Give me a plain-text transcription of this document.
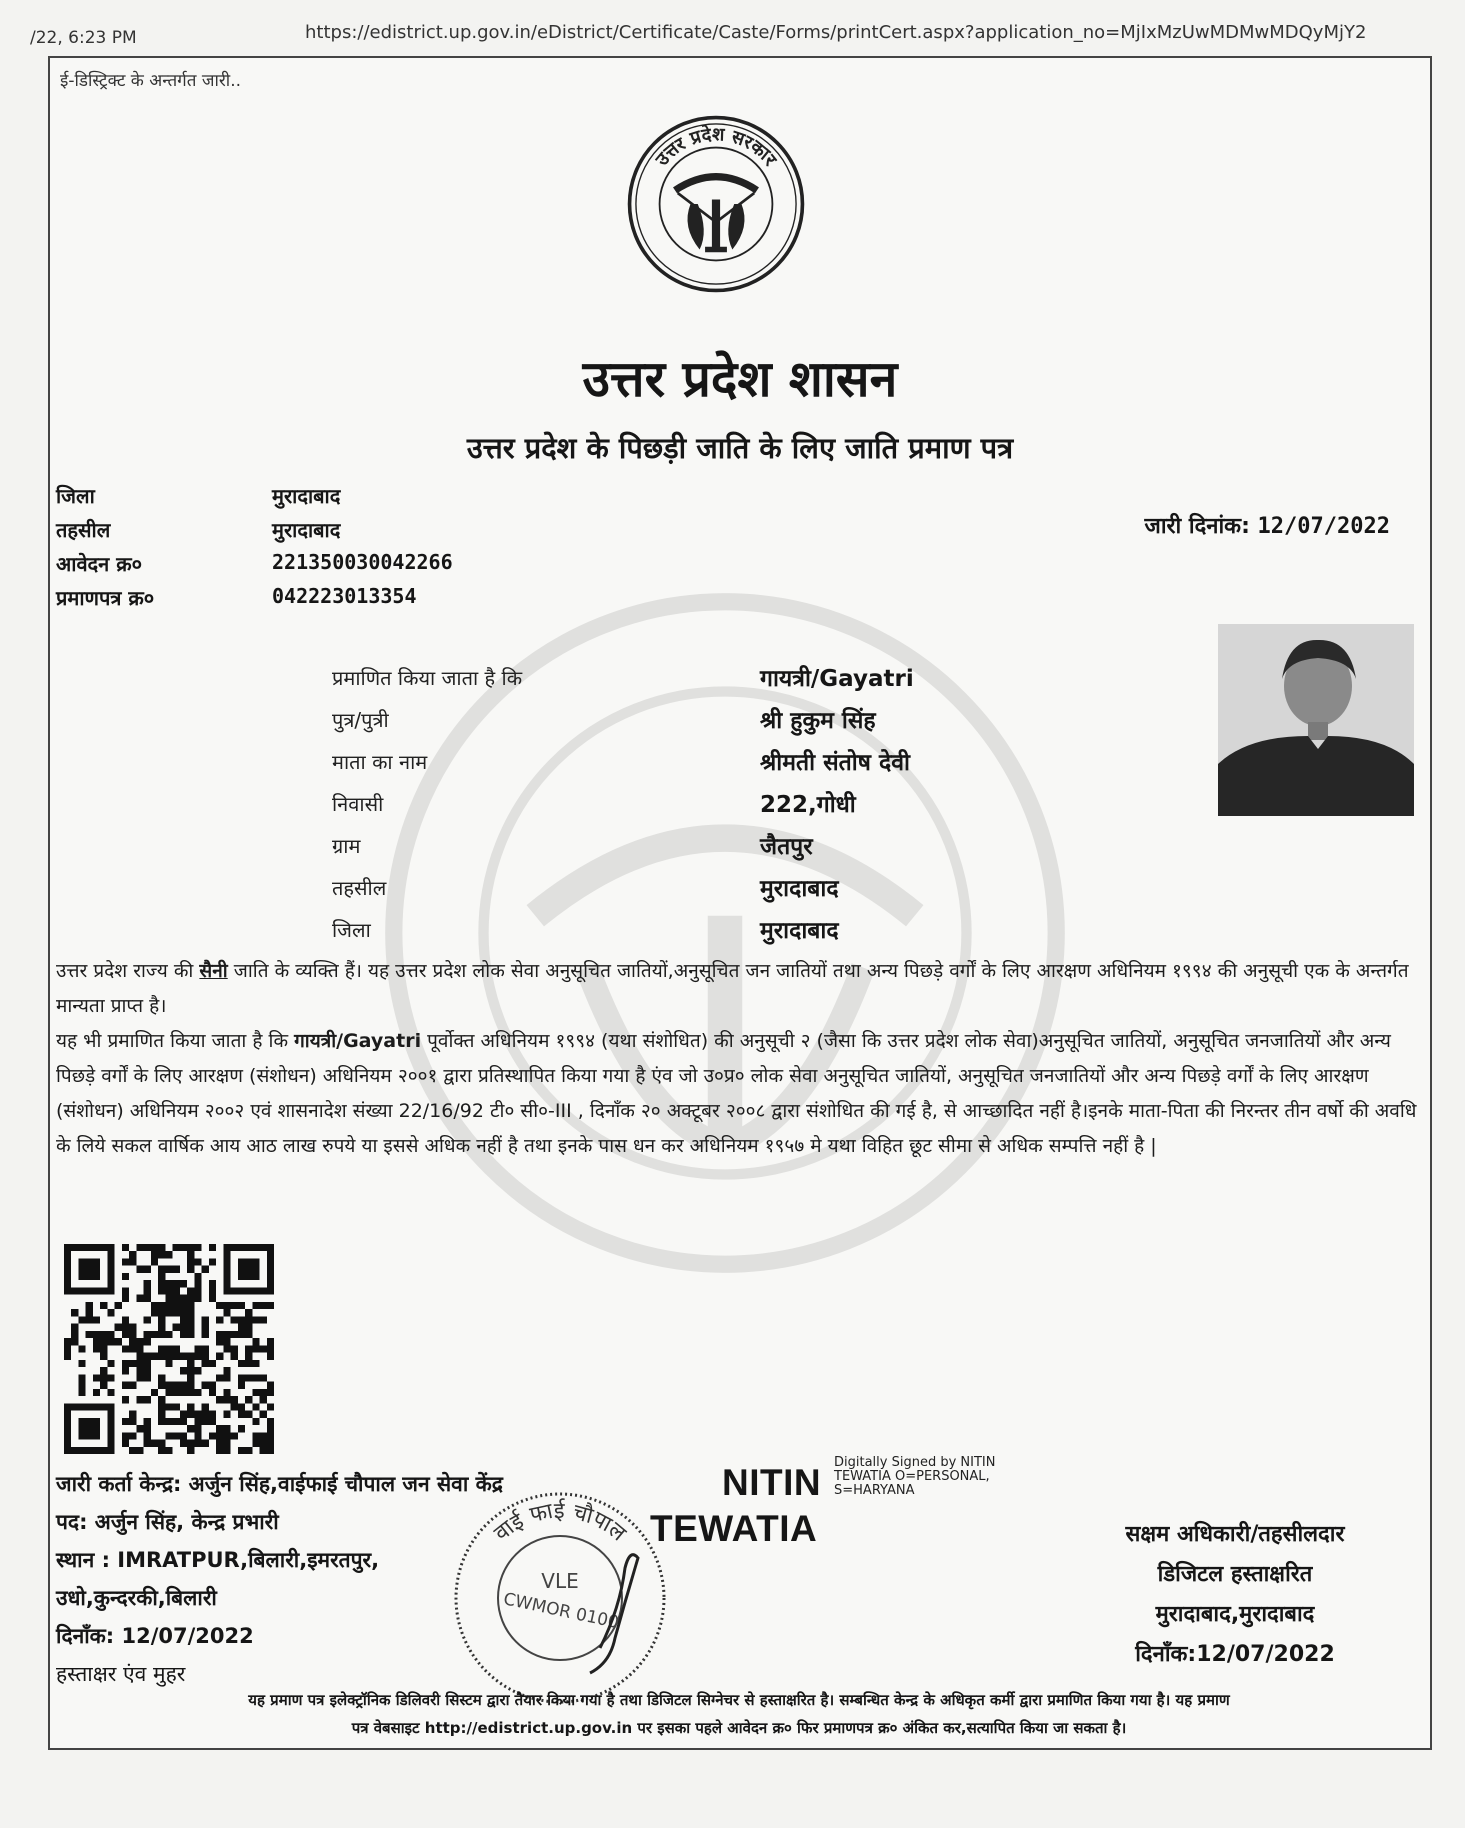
/22, 6:23 PM	https://edistrict.up.gov.in/eDistrict/Certificate/Caste/Forms/printCert.aspx?application_no=MjIxMzUwMDMwMDQyMjY2
ई-डिस्ट्रिक्ट के अन्तर्गत जारी..
उत्तर प्रदेश सरकार
उत्तर प्रदेश शासन
उत्तर प्रदेश के पिछड़ी जाति के लिए जाति प्रमाण पत्र
जिला	मुरादाबाद
तहसील	मुरादाबाद
आवेदन क्र०	221350030042266
प्रमाणपत्र क्र०	042223013354
जारी दिनांक: 12/07/2022
प्रमाणित किया जाता है कि	गायत्री/Gayatri
पुत्र/पुत्री	श्री हुकुम सिंह
माता का नाम	श्रीमती संतोष देवी
निवासी	222,गोधी
ग्राम	जैतपुर
तहसील	मुरादाबाद
जिला	मुरादाबाद
उत्तर प्रदेश राज्य की सैनी जाति के व्यक्ति हैं। यह उत्तर प्रदेश लोक सेवा अनुसूचित जातियों,अनुसूचित जन जातियों तथा अन्य पिछड़े वर्गों के लिए आरक्षण अधिनियम १९९४ की अनुसूची एक के अन्तर्गत मान्यता प्राप्त है।
यह भी प्रमाणित किया जाता है कि गायत्री/Gayatri पूर्वोक्त अधिनियम १९९४ (यथा संशोधित) की अनुसूची २ (जैसा कि उत्तर प्रदेश लोक सेवा)अनुसूचित जातियों, अनुसूचित जनजातियों और अन्य पिछड़े वर्गों के लिए आरक्षण (संशोधन) अधिनियम २००१ द्वारा प्रतिस्थापित किया गया है एंव जो उ०प्र० लोक सेवा अनुसूचित जातियों, अनुसूचित जनजातियों और अन्य पिछड़े वर्गों के लिए आरक्षण (संशोधन) अधिनियम २००२ एवं शासनादेश संख्या 22/16/92 टी० सी०-III , दिनाँक २० अक्टूबर २००८ द्वारा संशोधित की गई है, से आच्छादित नहीं है।इनके माता-पिता की निरन्तर तीन वर्षो की अवधि के लिये सकल वार्षिक आय आठ लाख रुपये या इससे अधिक नहीं है तथा इनके पास धन कर अधिनियम १९५७ मे यथा विहित छूट सीमा से अधिक सम्पत्ति नहीं है |
जारी कर्ता केन्द्र: अर्जुन सिंह,वाईफाई चौपाल जन सेवा केंद्र
पद: अर्जुन सिंह, केन्द्र प्रभारी
स्थान : IMRATPUR,बिलारी,इमरतपुर,
उधो,कुन्दरकी,बिलारी
दिनाँक: 12/07/2022
हस्ताक्षर एंव मुहर
NITIN
TEWATIA
Digitally Signed by NITIN
TEWATIA O=PERSONAL,
S=HARYANA
वाई फाई चौपाल
VLE
CWMOR 0100
सक्षम अधिकारी/तहसीलदार
डिजिटल हस्ताक्षरित
मुरादाबाद,मुरादाबाद
दिनाँक:12/07/2022
यह प्रमाण पत्र इलेक्ट्रॉनिक डिलिवरी सिस्टम द्वारा तैयार किया गया है तथा डिजिटल सिग्नेचर से हस्ताक्षरित है। सम्बन्धित केन्द्र के अधिकृत कर्मी द्वारा प्रमाणित किया गया है। यह प्रमाण
पत्र वेबसाइट http://edistrict.up.gov.in पर इसका पहले आवेदन क्र० फिर प्रमाणपत्र क्र० अंकित कर,सत्यापित किया जा सकता है।
